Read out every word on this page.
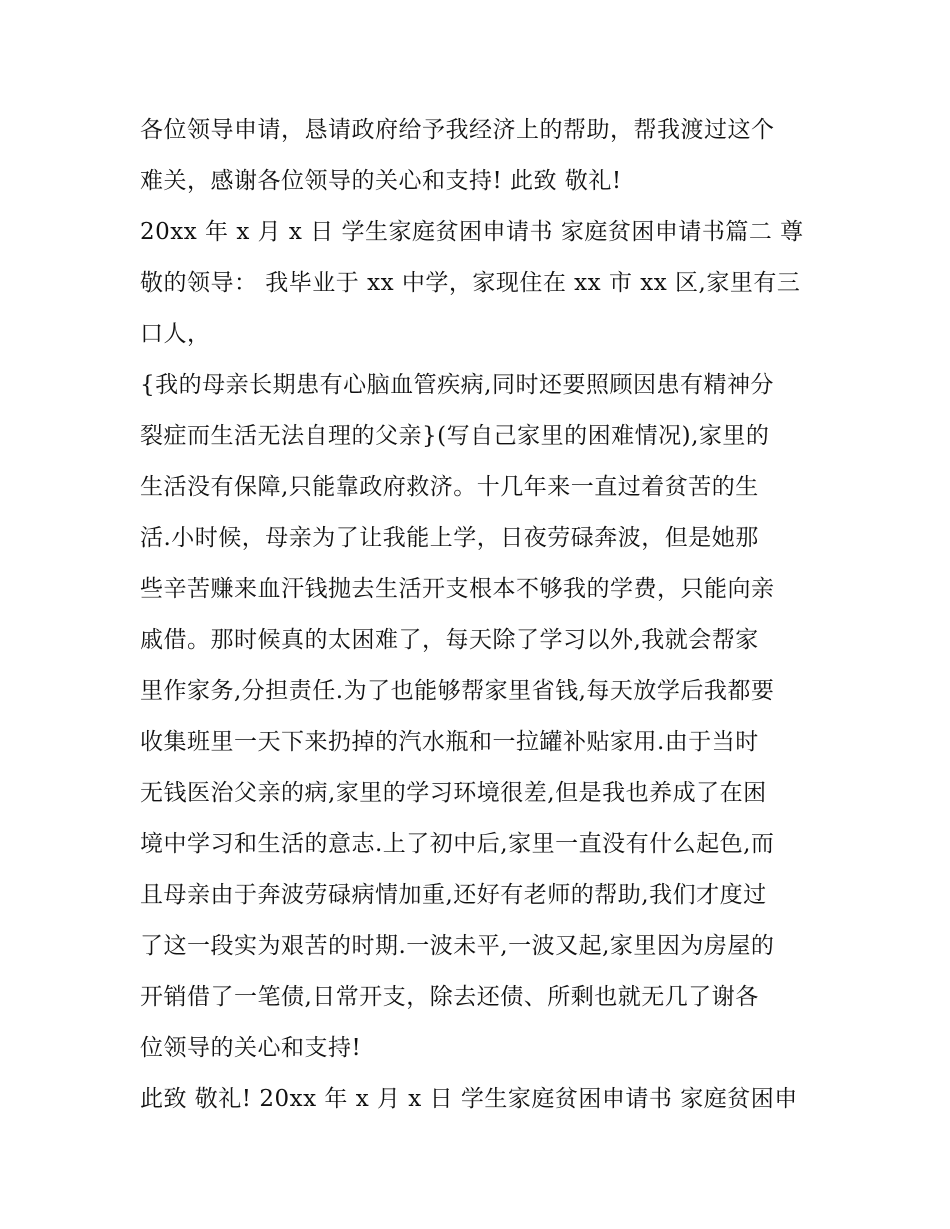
各位领导申请，恳请政府给予我经济上的帮助，帮我渡过这个
难关，感谢各位领导的关心和支持! 此致 敬礼!
20xx 年 x 月 x 日 学生家庭贫困申请书 家庭贫困申请书篇二 尊
敬的领导： 我毕业于 xx 中学，家现住在 xx 市 xx 区,家里有三
口人，
{我的母亲长期患有心脑血管疾病,同时还要照顾因患有精神分
裂症而生活无法自理的父亲}(写自己家里的困难情况),家里的
生活没有保障,只能靠政府救济。十几年来一直过着贫苦的生
活.小时候，母亲为了让我能上学，日夜劳碌奔波，但是她那
些辛苦赚来血汗钱抛去生活开支根本不够我的学费，只能向亲
戚借。那时候真的太困难了，每天除了学习以外,我就会帮家
里作家务,分担责任.为了也能够帮家里省钱,每天放学后我都要
收集班里一天下来扔掉的汽水瓶和一拉罐补贴家用.由于当时
无钱医治父亲的病,家里的学习环境很差,但是我也养成了在困
境中学习和生活的意志.上了初中后,家里一直没有什么起色,而
且母亲由于奔波劳碌病情加重,还好有老师的帮助,我们才度过
了这一段实为艰苦的时期.一波未平,一波又起,家里因为房屋的
开销借了一笔债,日常开支，除去还债、所剩也就无几了谢各
位领导的关心和支持!
此致 敬礼! 20xx 年 x 月 x 日 学生家庭贫困申请书 家庭贫困申
